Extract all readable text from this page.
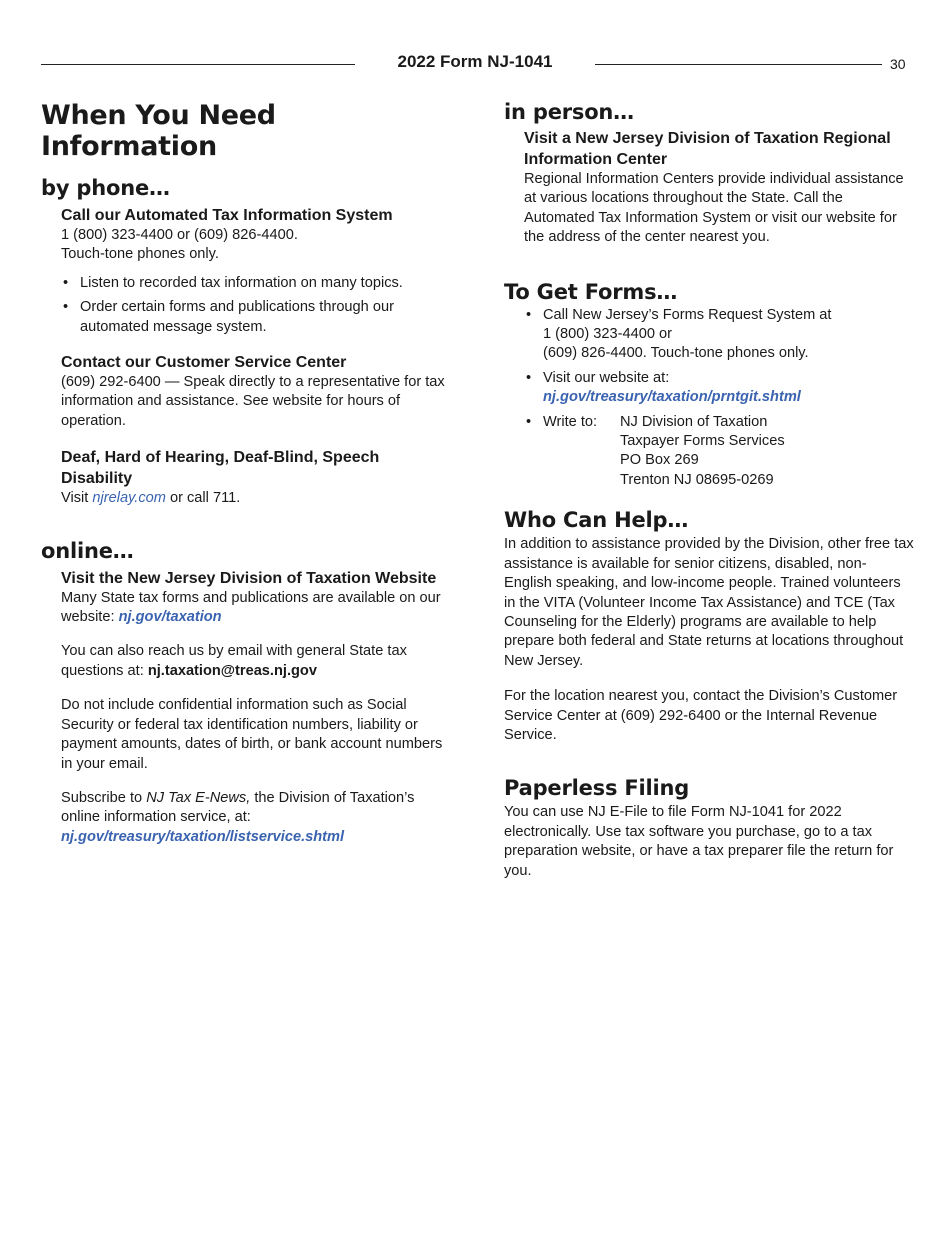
2022 Form NJ-1041	30
When You Need Information
by phone…

Call our Automated Tax Information System

1 (800) 323-4400 or (609) 826-4400.

Touch-tone phones only.

• Listen to recorded tax information on many topics.
• Order certain forms and publications through our automated message system.

Contact our Customer Service Center

(609) 292-6400 — Speak directly to a representative for tax information and assistance. See website for hours of operation.

Deaf, Hard of Hearing, Deaf-Blind, Speech Disability

Visit njrelay.com or call 711.

online…

Visit the New Jersey Division of Taxation Website

Many State tax forms and publications are available on our website: nj.gov/taxation

You can also reach us by email with general State tax questions at: nj.taxation@treas.nj.gov

Do not include confidential information such as Social Security or federal tax identification numbers, liability or payment amounts, dates of birth, or bank account numbers in your email.

Subscribe to NJ Tax E-News, the Division of Taxation’s online information service, at: nj.gov/treasury/taxation/listservice.shtml

in person…

Visit a New Jersey Division of Taxation Regional Information Center

Regional Information Centers provide individual assistance at various locations throughout the State. Call the Automated Tax Information System or visit our website for the address of the center nearest you.

To Get Forms…
• Call New Jersey’s Forms Request System at
1 (800) 323-4400 or
(609) 826-4400. Touch-tone phones only.
• Visit our website at:
nj.gov/treasury/taxation/prntgit.shtml
• Write to:	NJ Division of Taxation
Taxpayer Forms Services
PO Box 269
Trenton NJ 08695-0269
Who Can Help…

In addition to assistance provided by the Division, other free tax assistance is available for senior citizens, disabled, non-English speaking, and low-income people. Trained volunteers in the VITA (Volunteer Income Tax Assistance) and TCE (Tax Counseling for the Elderly) programs are available to help prepare both federal and State returns at locations throughout New Jersey.

For the location nearest you, contact the Division’s Customer Service Center at (609) 292-6400 or the Internal Revenue Service.

Paperless Filing

You can use NJ E-File to file Form NJ-1041 for 2022 electronically. Use tax software you purchase, go to a tax preparation website, or have a tax preparer file the return for you.
